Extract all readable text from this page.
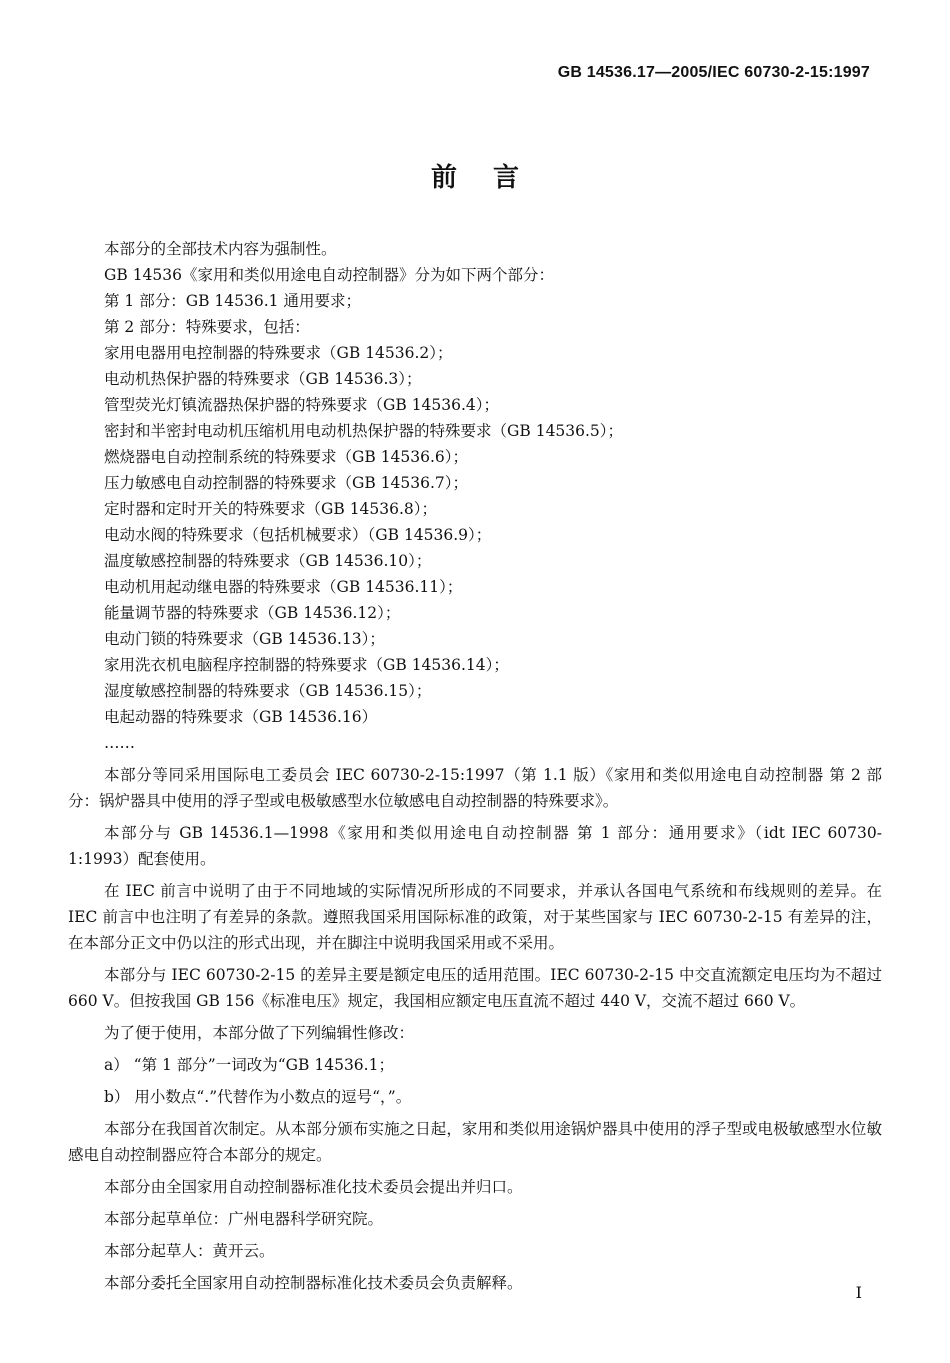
GB 14536.17—2005/IEC 60730-2-15:1997
前言
本部分的全部技术内容为强制性。
GB 14536《家用和类似用途电自动控制器》分为如下两个部分：
第 1 部分：GB 14536.1 通用要求；
第 2 部分：特殊要求，包括：
家用电器用电控制器的特殊要求（GB 14536.2）；
电动机热保护器的特殊要求（GB 14536.3）；
管型荧光灯镇流器热保护器的特殊要求（GB 14536.4）；
密封和半密封电动机压缩机用电动机热保护器的特殊要求（GB 14536.5）；
燃烧器电自动控制系统的特殊要求（GB 14536.6）；
压力敏感电自动控制器的特殊要求（GB 14536.7）；
定时器和定时开关的特殊要求（GB 14536.8）；
电动水阀的特殊要求（包括机械要求）（GB 14536.9）；
温度敏感控制器的特殊要求（GB 14536.10）；
电动机用起动继电器的特殊要求（GB 14536.11）；
能量调节器的特殊要求（GB 14536.12）；
电动门锁的特殊要求（GB 14536.13）；
家用洗衣机电脑程序控制器的特殊要求（GB 14536.14）；
湿度敏感控制器的特殊要求（GB 14536.15）；
电起动器的特殊要求（GB 14536.16）
……
本部分等同采用国际电工委员会 IEC 60730-2-15:1997（第 1.1 版）《家用和类似用途电自动控制器 第 2 部分：锅炉器具中使用的浮子型或电极敏感型水位敏感电自动控制器的特殊要求》。
本部分与 GB 14536.1—1998《家用和类似用途电自动控制器 第 1 部分：通用要求》（idt IEC 60730-1:1993）配套使用。
在 IEC 前言中说明了由于不同地域的实际情况所形成的不同要求，并承认各国电气系统和布线规则的差异。在 IEC 前言中也注明了有差异的条款。遵照我国采用国际标准的政策，对于某些国家与 IEC 60730-2-15 有差异的注，在本部分正文中仍以注的形式出现，并在脚注中说明我国采用或不采用。
本部分与 IEC 60730-2-15 的差异主要是额定电压的适用范围。IEC 60730-2-15 中交直流额定电压均为不超过 660 V。但按我国 GB 156《标准电压》规定，我国相应额定电压直流不超过 440 V，交流不超过 660 V。
为了便于使用，本部分做了下列编辑性修改：
a） “第 1 部分”一词改为“GB 14536.1；
b） 用小数点“.”代替作为小数点的逗号“，”。
本部分在我国首次制定。从本部分颁布实施之日起，家用和类似用途锅炉器具中使用的浮子型或电极敏感型水位敏感电自动控制器应符合本部分的规定。
本部分由全国家用自动控制器标准化技术委员会提出并归口。
本部分起草单位：广州电器科学研究院。
本部分起草人：黄开云。
本部分委托全国家用自动控制器标准化技术委员会负责解释。	I
